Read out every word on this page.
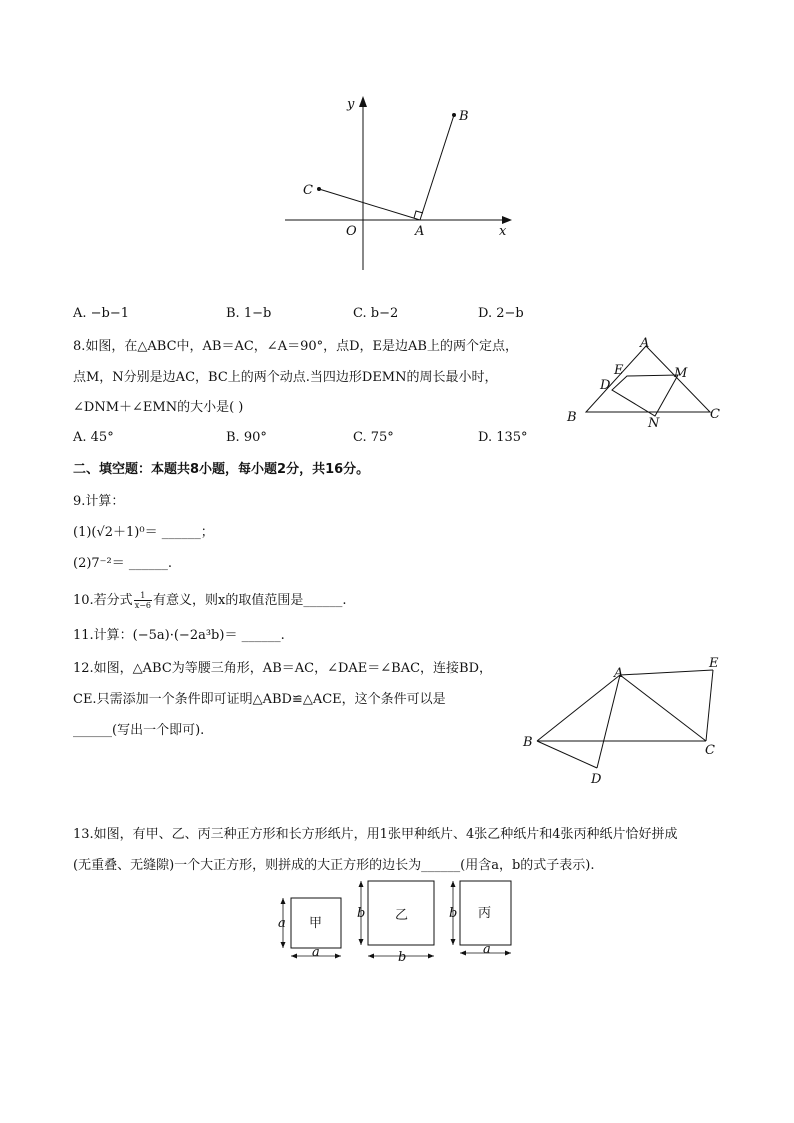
y
x
O	A
B
C
A. −b−1	B. 1−b	C. b−2	D. 2−b
8.如图，在△ABC中，AB＝AC，∠A＝90°，点D，E是边AB上的两个定点，
点M，N分别是边AC，BC上的两个动点.当四边形DEMN的周长最小时，
∠DNM＋∠EMN的大小是( )
A
B	C
D
E	M
N
A. 45°	B. 90°	C. 75°	D. 135°
二、填空题：本题共8小题，每小题2分，共16分。
9.计算：
(1)(√2＋1)⁰＝ ______；
(2)7⁻²＝ ______.
10.若分式 $\frac{1}{x-6}$ 有意义，则x的取值范围是______.
11.计算：(−5a)·(−2a³b)＝ ______.
12.如图，△ABC为等腰三角形，AB＝AC，∠DAE＝∠BAC，连接BD，
CE.只需添加一个条件即可证明△ABD≌△ACE，这个条件可以是
______(写出一个即可).
A
B
C
D
E
13.如图，有甲、乙、丙三种正方形和长方形纸片，用1张甲种纸片、4张乙种纸片和4张丙种纸片恰好拼成
(无重叠、无缝隙)一个大正方形，则拼成的大正方形的边长为______(用含a，b的式子表示).
甲
a
a
乙
b
b
丙
b
a
